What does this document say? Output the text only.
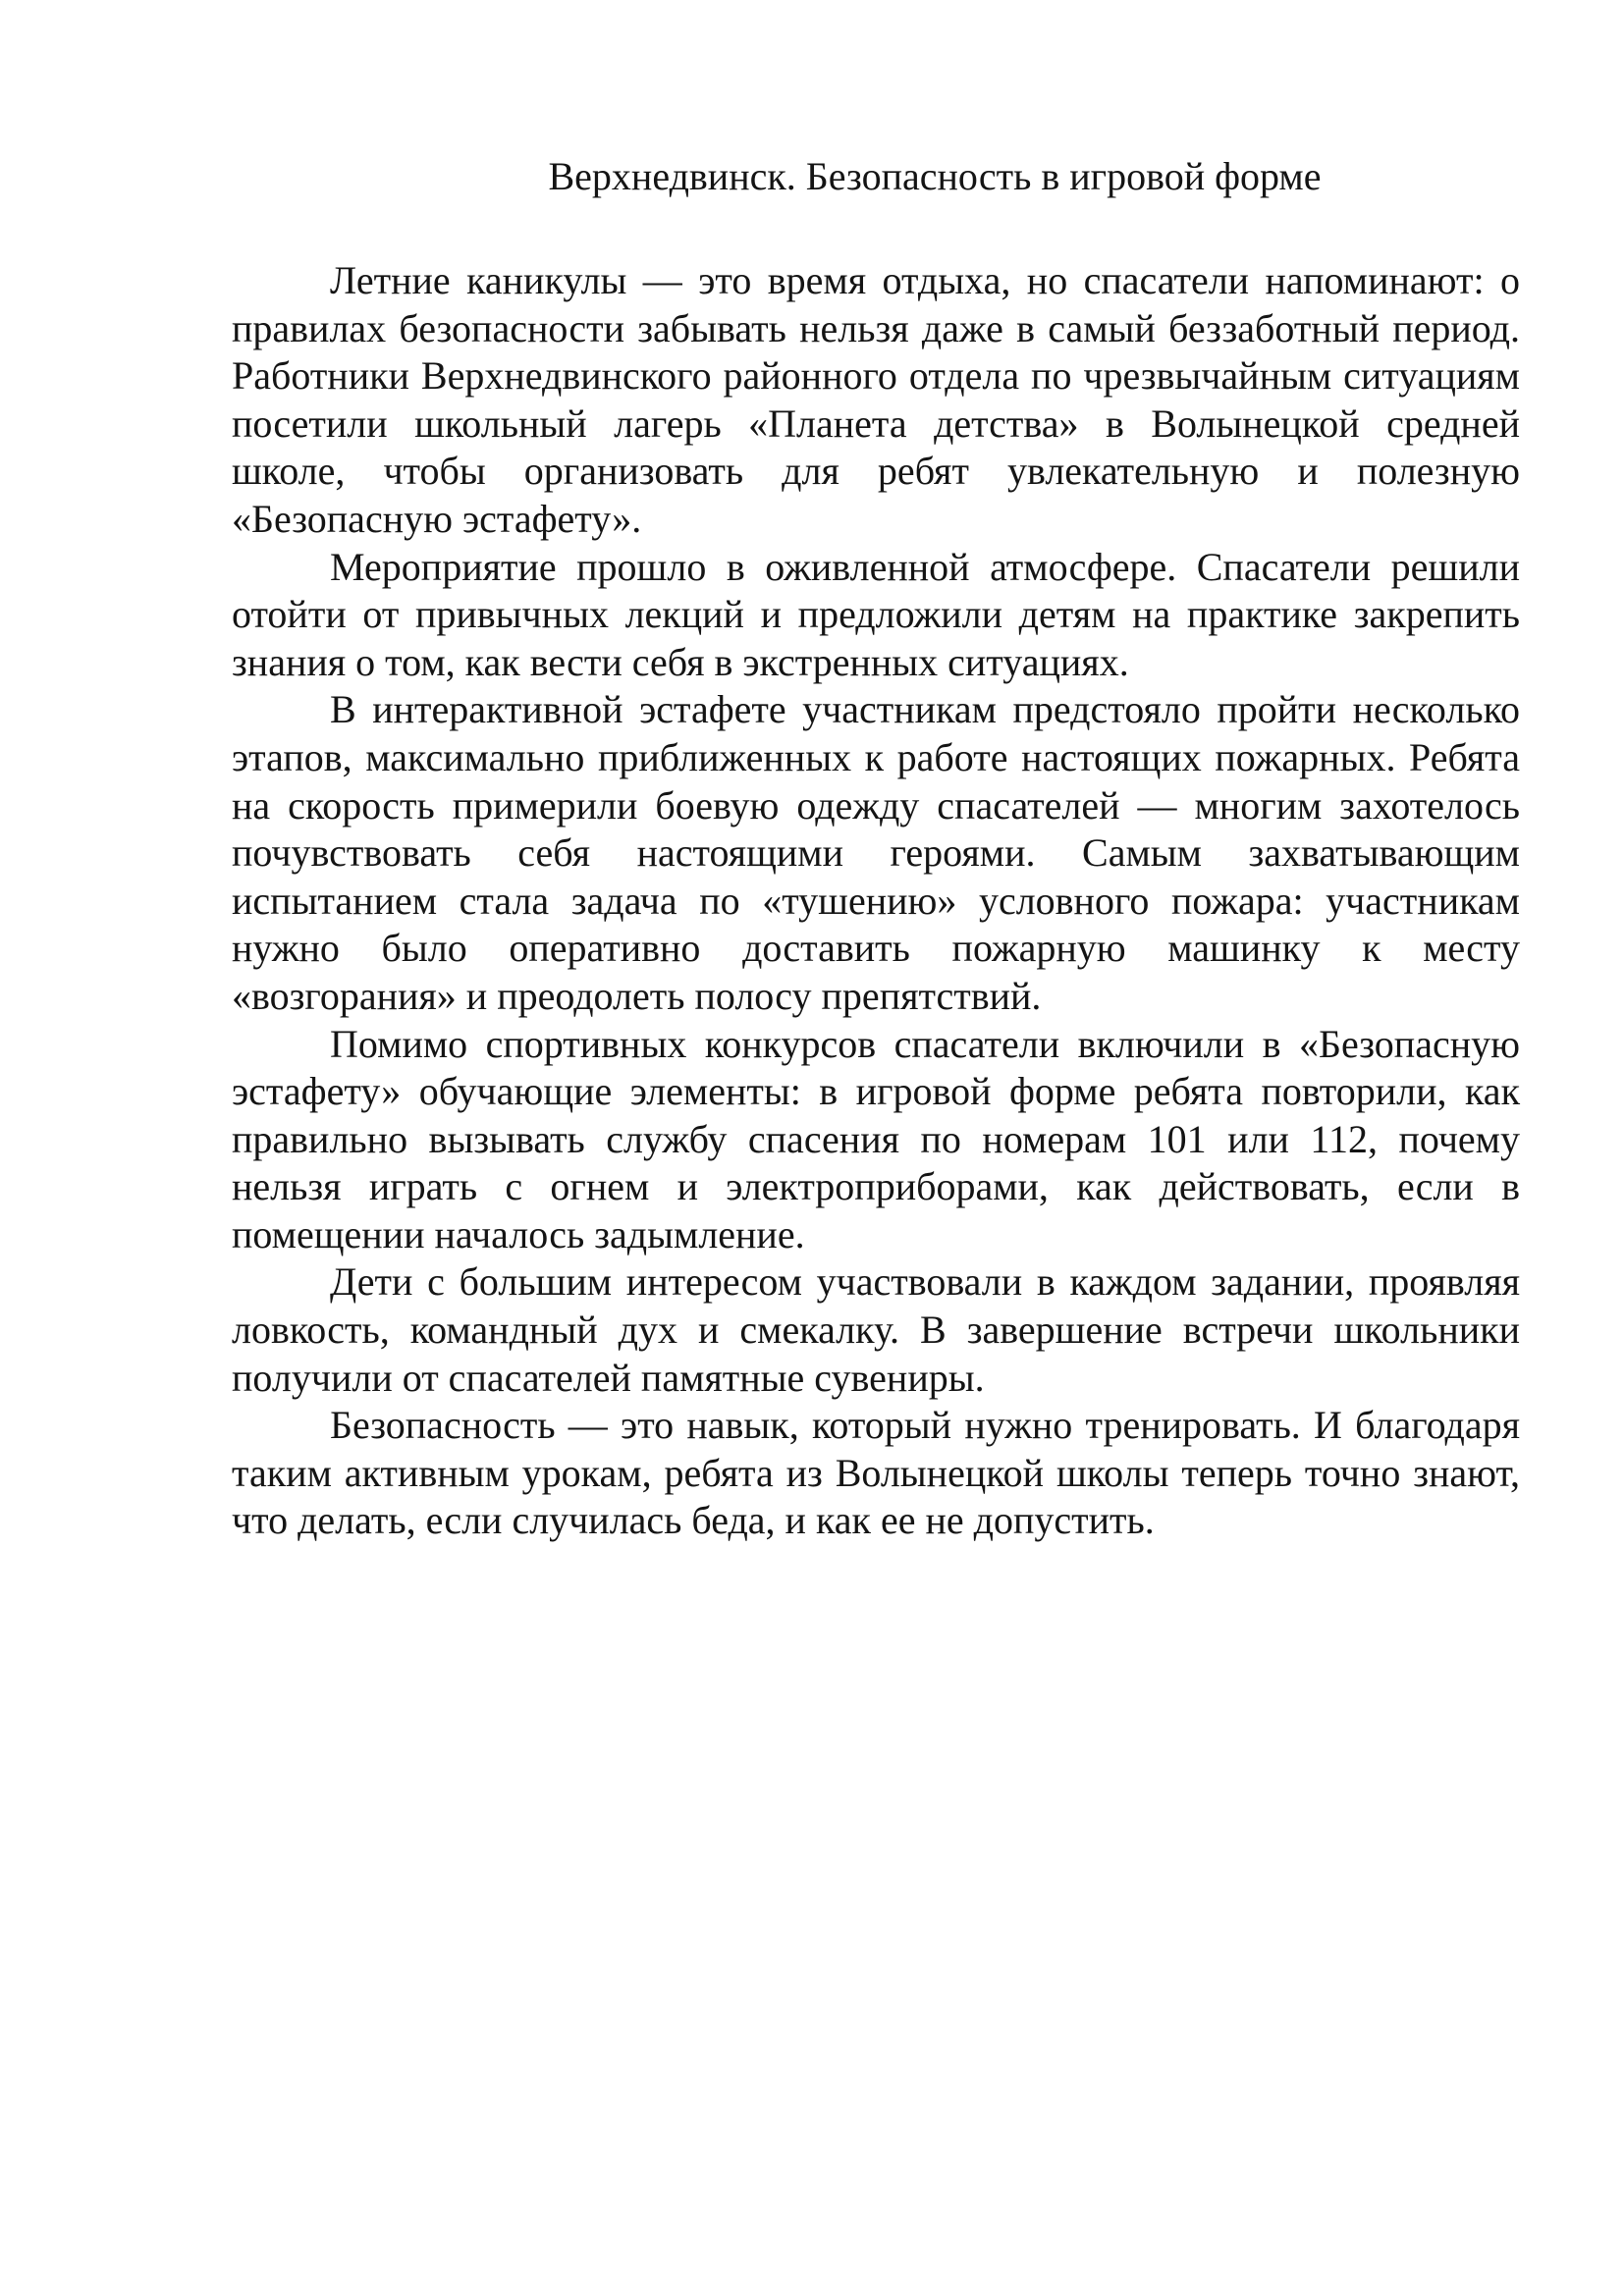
Верхнедвинск. Безопасность в игровой форме

Летние каникулы — это время отдыха, но спасатели напоминают: о правилах безопасности забывать нельзя даже в самый беззаботный период. Работники Верхнедвинского районного отдела по чрезвычайным ситуациям посетили школьный лагерь «Планета детства» в Волынецкой средней школе, чтобы организовать для ребят увлекательную и полезную «Безопасную эстафету».

Мероприятие прошло в оживленной атмосфере. Спасатели решили отойти от привычных лекций и предложили детям на практике закрепить знания о том, как вести себя в экстренных ситуациях.

В интерактивной эстафете участникам предстояло пройти несколько этапов, максимально приближенных к работе настоящих пожарных. Ребята на скорость примерили боевую одежду спасателей — многим захотелось почувствовать себя настоящими героями. Самым захватывающим испытанием стала задача по «тушению» условного пожара: участникам нужно было оперативно доставить пожарную машинку к месту «возгорания» и преодолеть полосу препятствий.

Помимо спортивных конкурсов спасатели включили в «Безопасную эстафету» обучающие элементы: в игровой форме ребята повторили, как правильно вызывать службу спасения по номерам 101 или 112, почему нельзя играть с огнем и электроприборами, как действовать, если в помещении началось задымление.

Дети с большим интересом участвовали в каждом задании, проявляя ловкость, командный дух и смекалку. В завершение встречи школьники получили от спасателей памятные сувениры.

Безопасность — это навык, который нужно тренировать. И благодаря таким активным урокам, ребята из Волынецкой школы теперь точно знают, что делать, если случилась беда, и как ее не допустить.
